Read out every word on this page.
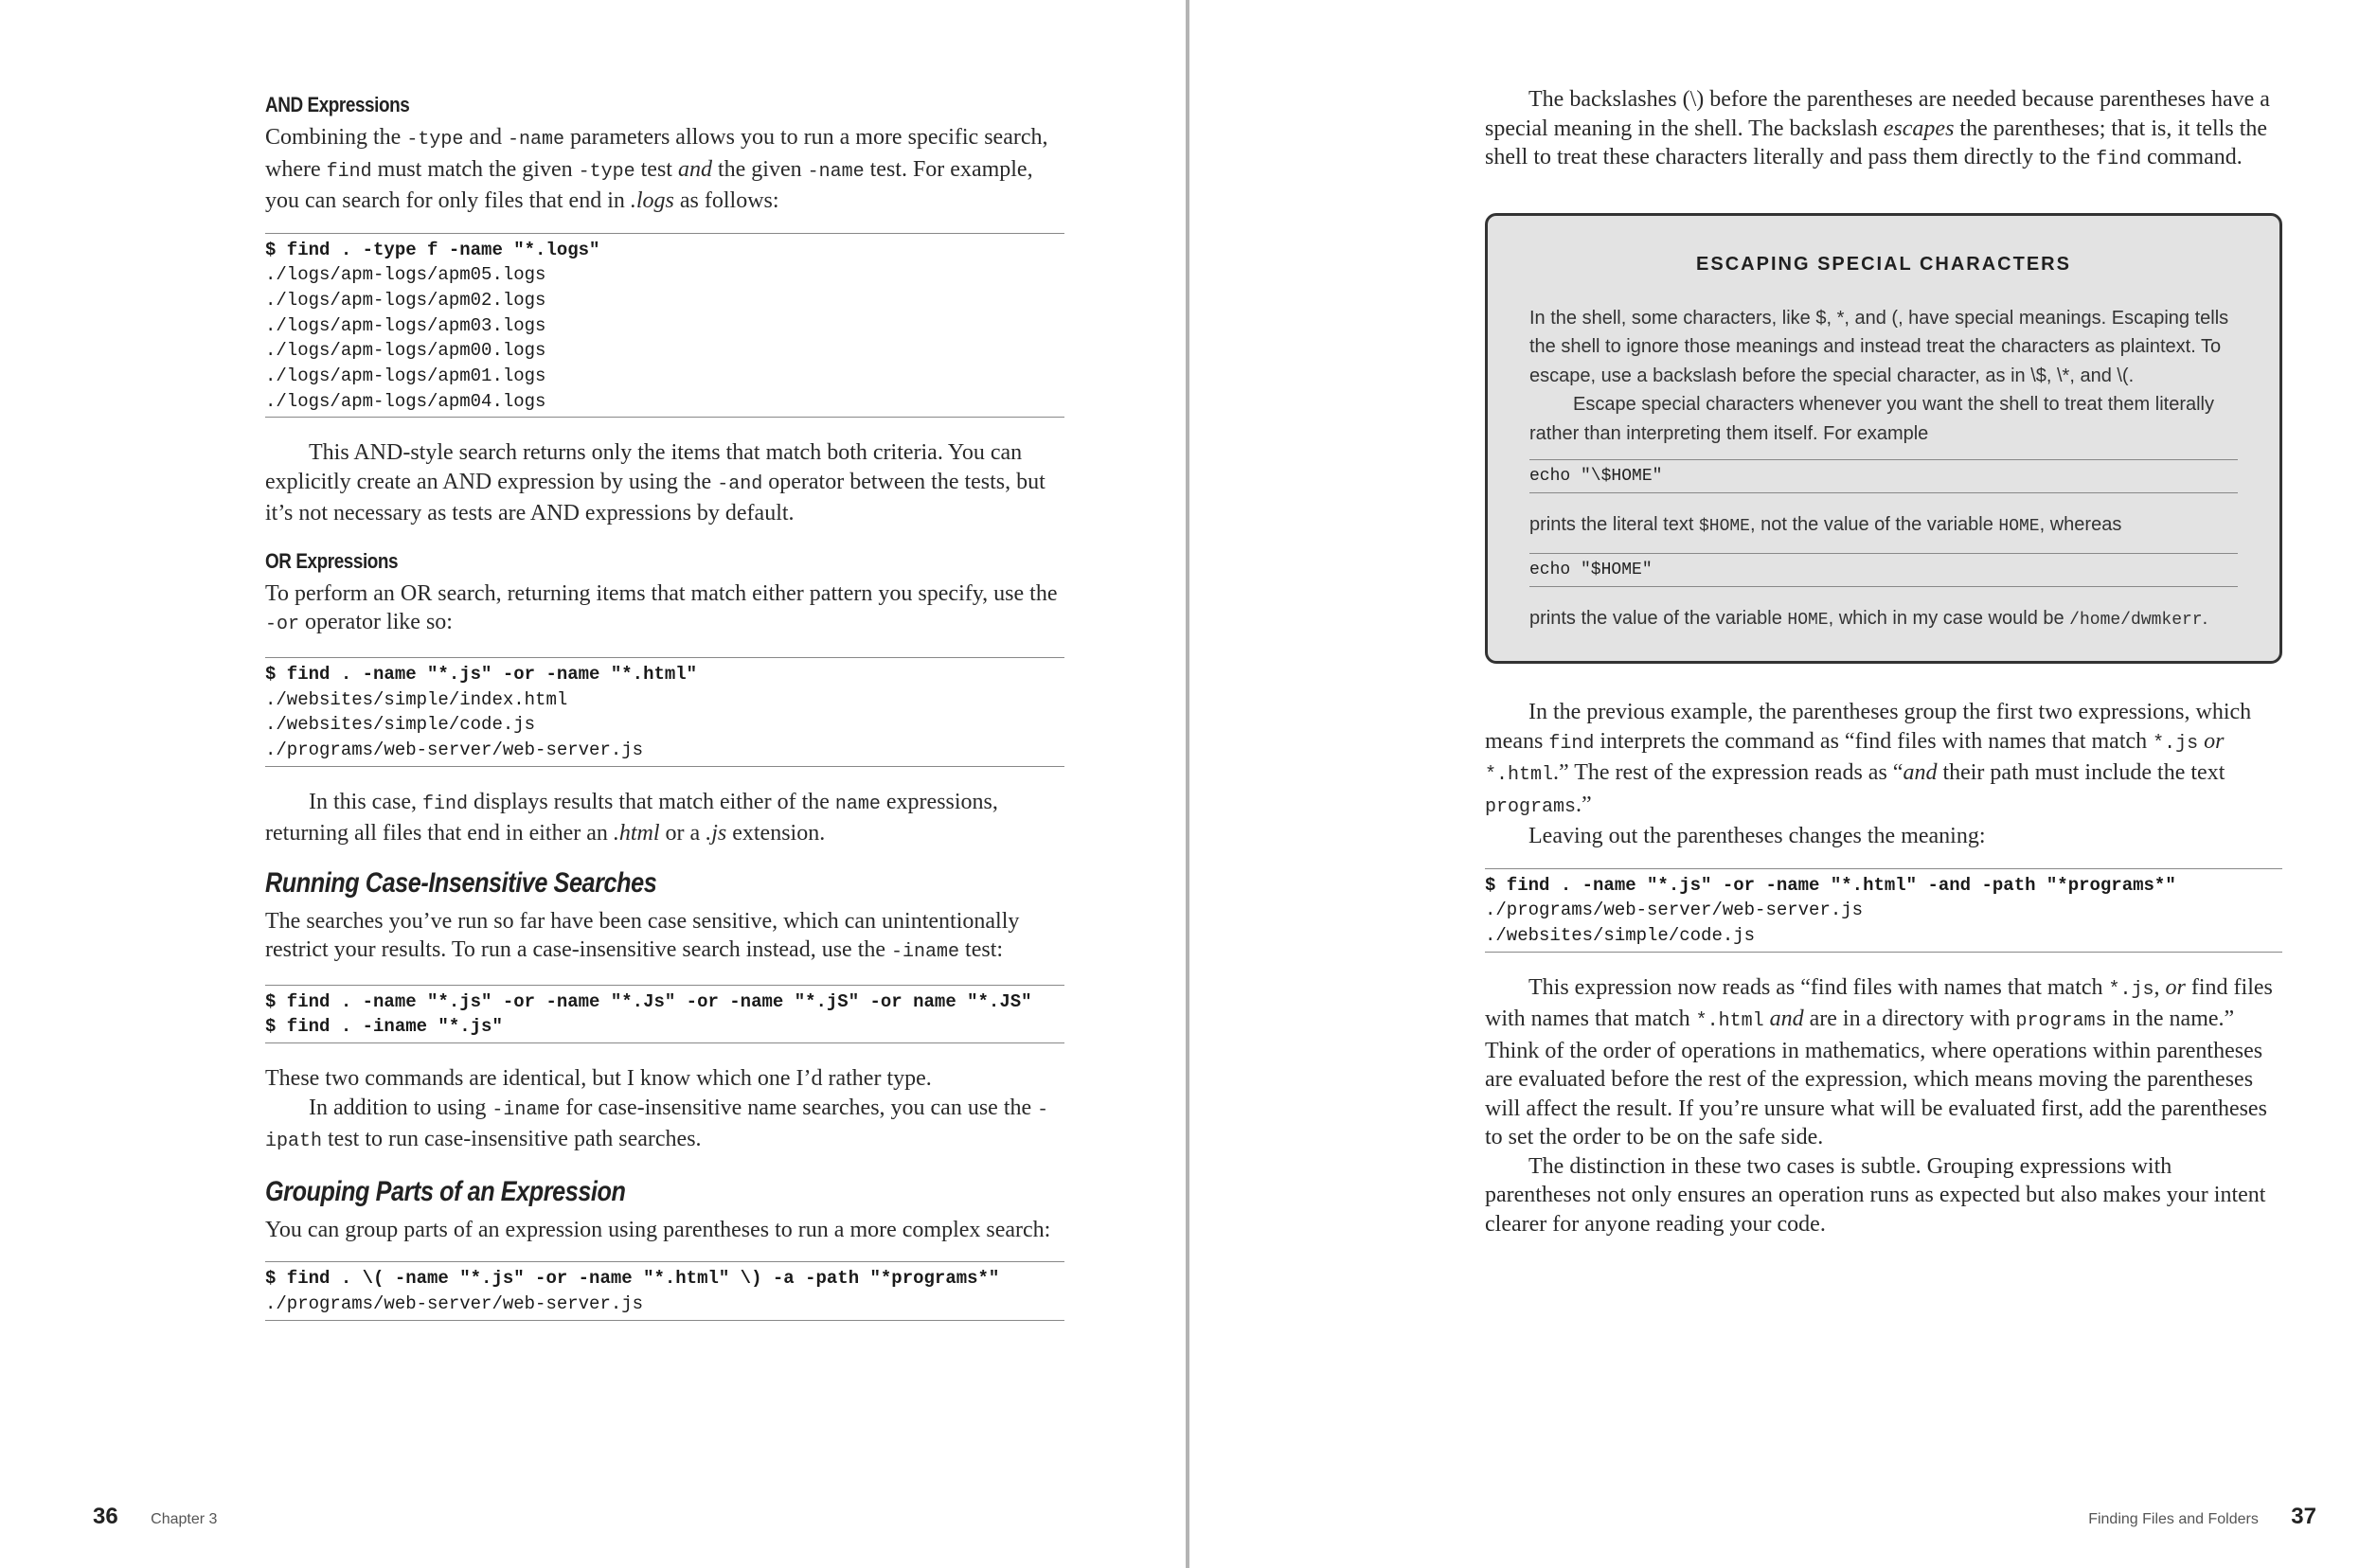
AND Expressions

Combining the -type and -name parameters allows you to run a more specific search, where find must match the given -type test and the given -name test. For example, you can search for only files that end in .logs as follows:

$ find . -type f -name "*.logs"
./logs/apm-logs/apm05.logs
./logs/apm-logs/apm02.logs
./logs/apm-logs/apm03.logs
./logs/apm-logs/apm00.logs
./logs/apm-logs/apm01.logs
./logs/apm-logs/apm04.logs

This AND-style search returns only the items that match both criteria. You can explicitly create an AND expression by using the -and operator between the tests, but it’s not necessary as tests are AND expressions by default.

OR Expressions

To perform an OR search, returning items that match either pattern you specify, use the -or operator like so:

$ find . -name "*.js" -or -name "*.html"
./websites/simple/index.html
./websites/simple/code.js
./programs/web-server/web-server.js

In this case, find displays results that match either of the name expressions, returning all files that end in either an .html or a .js extension.

Running Case-Insensitive Searches

The searches you’ve run so far have been case sensitive, which can unintentionally restrict your results. To run a case-insensitive search instead, use the -iname test:

$ find . -name "*.js" -or -name "*.Js" -or -name "*.jS" -or name "*.JS"
$ find . -iname "*.js"

These two commands are identical, but I know which one I’d rather type.

In addition to using -iname for case-insensitive name searches, you can use the -ipath test to run case-insensitive path searches.

Grouping Parts of an Expression

You can group parts of an expression using parentheses to run a more complex search:

$ find . \( -name "*.js" -or -name "*.html" \) -a -path "*programs*"
./programs/web-server/web-server.js
36 Chapter 3

The backslashes (\) before the parentheses are needed because parentheses have a special meaning in the shell. The backslash escapes the parentheses; that is, it tells the shell to treat these characters literally and pass them directly to the find command.

ESCAPING SPECIAL CHARACTERS

In the shell, some characters, like $, *, and (, have special meanings. Escaping tells the shell to ignore those meanings and instead treat the characters as plaintext. To escape, use a backslash before the special character, as in \$, \*, and \(.

Escape special characters whenever you want the shell to treat them literally rather than interpreting them itself. For example

echo "\$HOME"

prints the literal text $HOME, not the value of the variable HOME, whereas

echo "$HOME"

prints the value of the variable HOME, which in my case would be /home/dwmkerr.

In the previous example, the parentheses group the first two expressions, which means find interprets the command as “find files with names that match *.js or *.html.” The rest of the expression reads as “and their path must include the text programs.”

Leaving out the parentheses changes the meaning:

$ find . -name "*.js" -or -name "*.html" -and -path "*programs*"
./programs/web-server/web-server.js
./websites/simple/code.js

This expression now reads as “find files with names that match *.js, or find files with names that match *.html and are in a directory with programs in the name.” Think of the order of operations in mathematics, where operations within parentheses are evaluated before the rest of the expression, which means moving the parentheses will affect the result. If you’re unsure what will be evaluated first, add the parentheses to set the order to be on the safe side.

The distinction in these two cases is subtle. Grouping expressions with parentheses not only ensures an operation runs as expected but also makes your intent clearer for anyone reading your code.

Finding Files and Folders 37
